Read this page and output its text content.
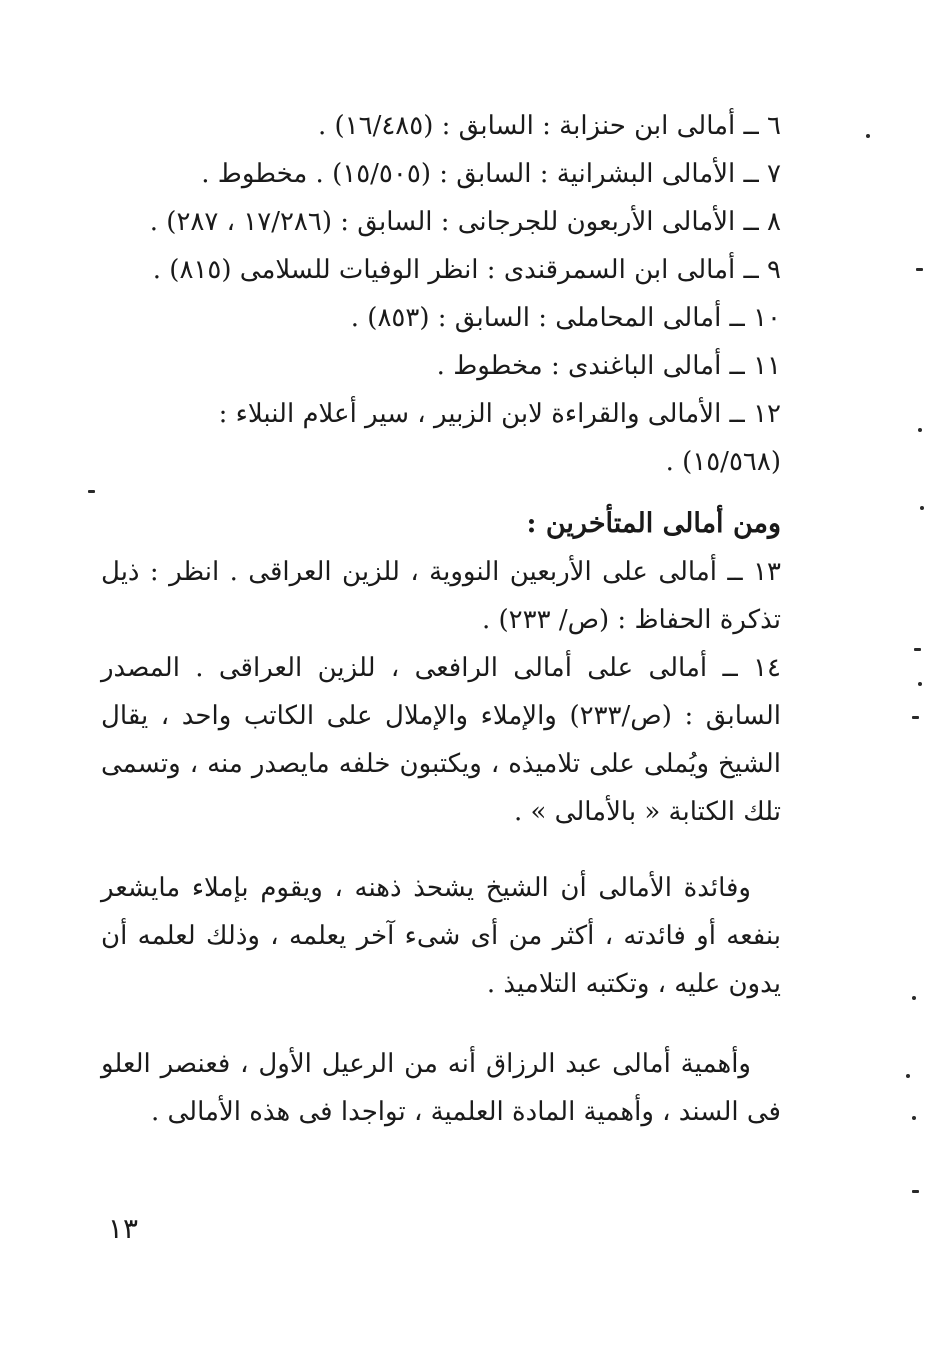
٦ ــ أمالى ابن حنزابة : السابق : (١٦/٤٨٥) .
٧ ــ الأمالى البشرانية : السابق : (١٥/٥٠٥) . مخطوط .
٨ ــ الأمالى الأربعون للجرجانى : السابق : (١٧/٢٨٦ ، ٢٨٧) .
٩ ــ أمالى ابن السمرقندى : انظر الوفيات للسلامى (٨١٥) .
١٠ ــ أمالى المحاملى : السابق : (٨٥٣) .
١١ ــ أمالى الباغندى : مخطوط .
١٢ ــ الأمالى والقراءة لابن الزبير ، سير أعلام النبلاء :
(١٥/٥٦٨) .
ومن أمالى المتأخرين :
١٣ ــ أمالى على الأربعين النووية ، للزين العراقى . انظر : ذيل تذكرة الحفاظ : (ص/ ٢٣٣) .
١٤ ــ أمالى على أمالى الرافعى ، للزين العراقى . المصدر السابق : (ص/٢٣٣) والإملاء والإملال على الكاتب واحد ، يقال الشيخ ويُملى على تلاميذه ، ويكتبون خلفه مايصدر منه ، وتسمى تلك الكتابة « بالأمالى » .
وفائدة الأمالى أن الشيخ يشحذ ذهنه ، ويقوم بإملاء مايشعر بنفعه أو فائدته ، أكثر من أى شىء آخر يعلمه ، وذلك لعلمه أن يدون عليه ، وتكتبه التلاميذ .
وأهمية أمالى عبد الرزاق أنه من الرعيل الأول ، فعنصر العلو فى السند ، وأهمية المادة العلمية ، تواجدا فى هذه الأمالى .
١٣
